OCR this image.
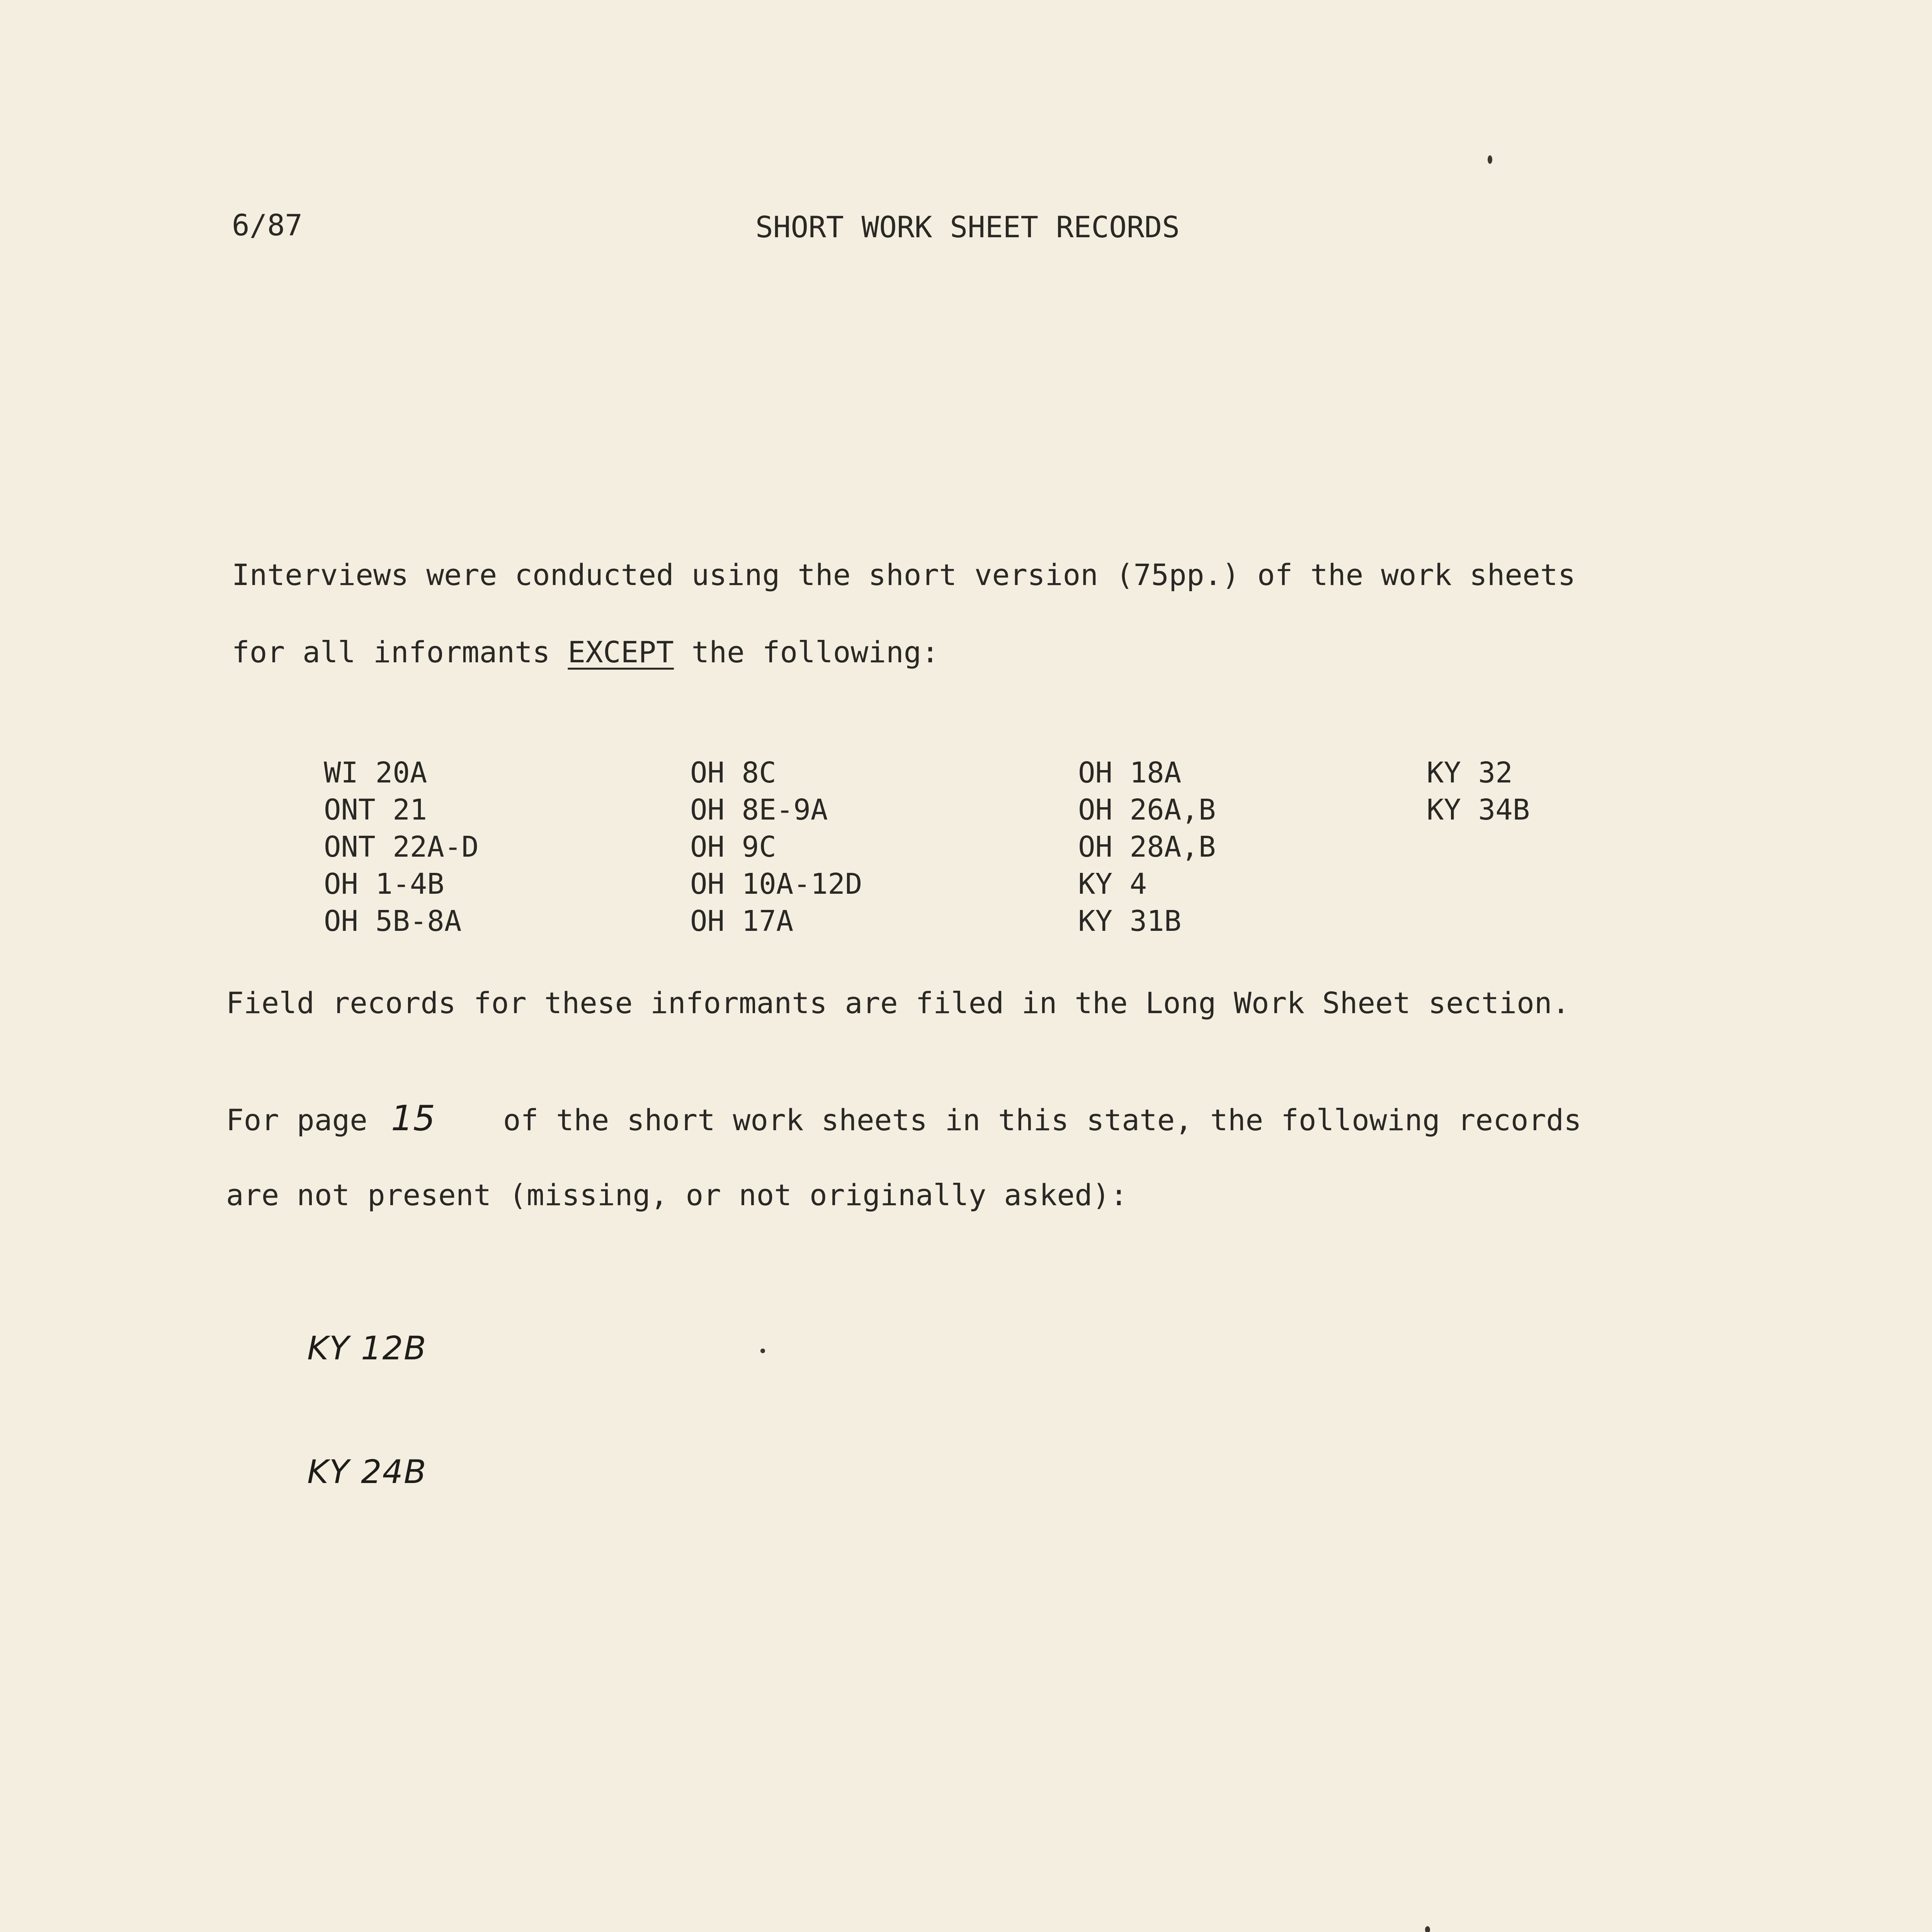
6/87	SHORT WORK SHEET RECORDS
Interviews were conducted using the short version (75pp.) of the work sheets
for all informants EXCEPT the following:
WI 20A
ONT 21
ONT 22A-D
OH 1-4B
OH 5B-8A
OH 8C
OH 8E-9A
OH 9C
OH 10A-12D
OH 17A
OH 18A
OH 26A,B
OH 28A,B
KY 4
KY 31B
KY 32
KY 34B
Field records for these informants are filed in the Long Work Sheet section.
For page 15 of the short work sheets in this state, the following records
are not present (missing, or not originally asked):
KY 12B
KY 24B
